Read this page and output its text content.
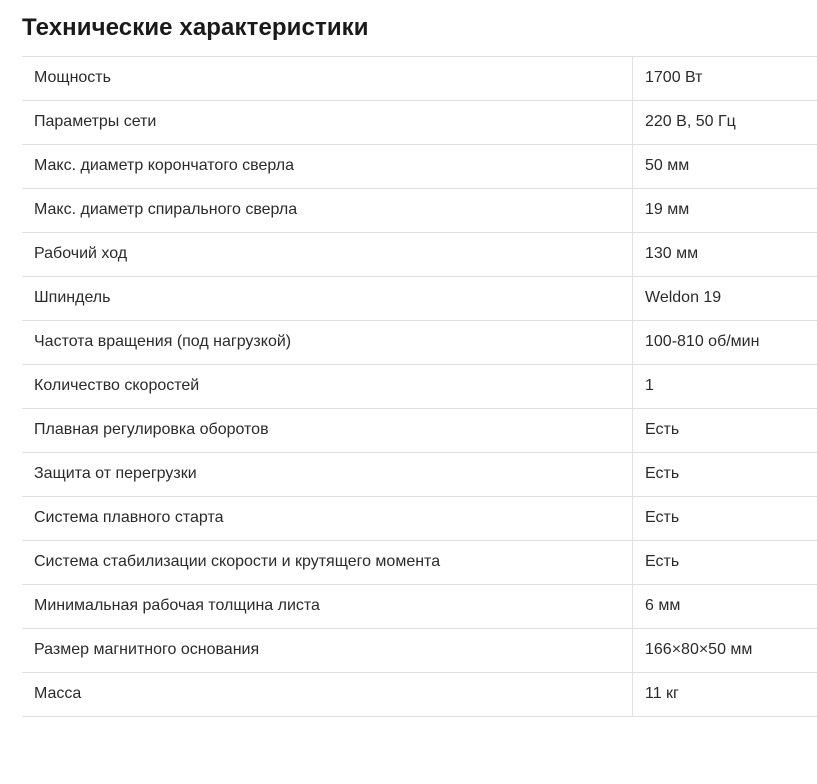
Технические характеристики
Мощность	1700 Вт
Параметры сети	220 В, 50 Гц
Макс. диаметр корончатого сверла	50 мм
Макс. диаметр спирального сверла	19 мм
Рабочий ход	130 мм
Шпиндель	Weldon 19
Частота вращения (под нагрузкой)	100-810 об/мин
Количество скоростей	1
Плавная регулировка оборотов	Есть
Защита от перегрузки	Есть
Система плавного старта	Есть
Система стабилизации скорости и крутящего момента	Есть
Минимальная рабочая толщина листа	6 мм
Размер магнитного основания	166×80×50 мм
Масса	11 кг
